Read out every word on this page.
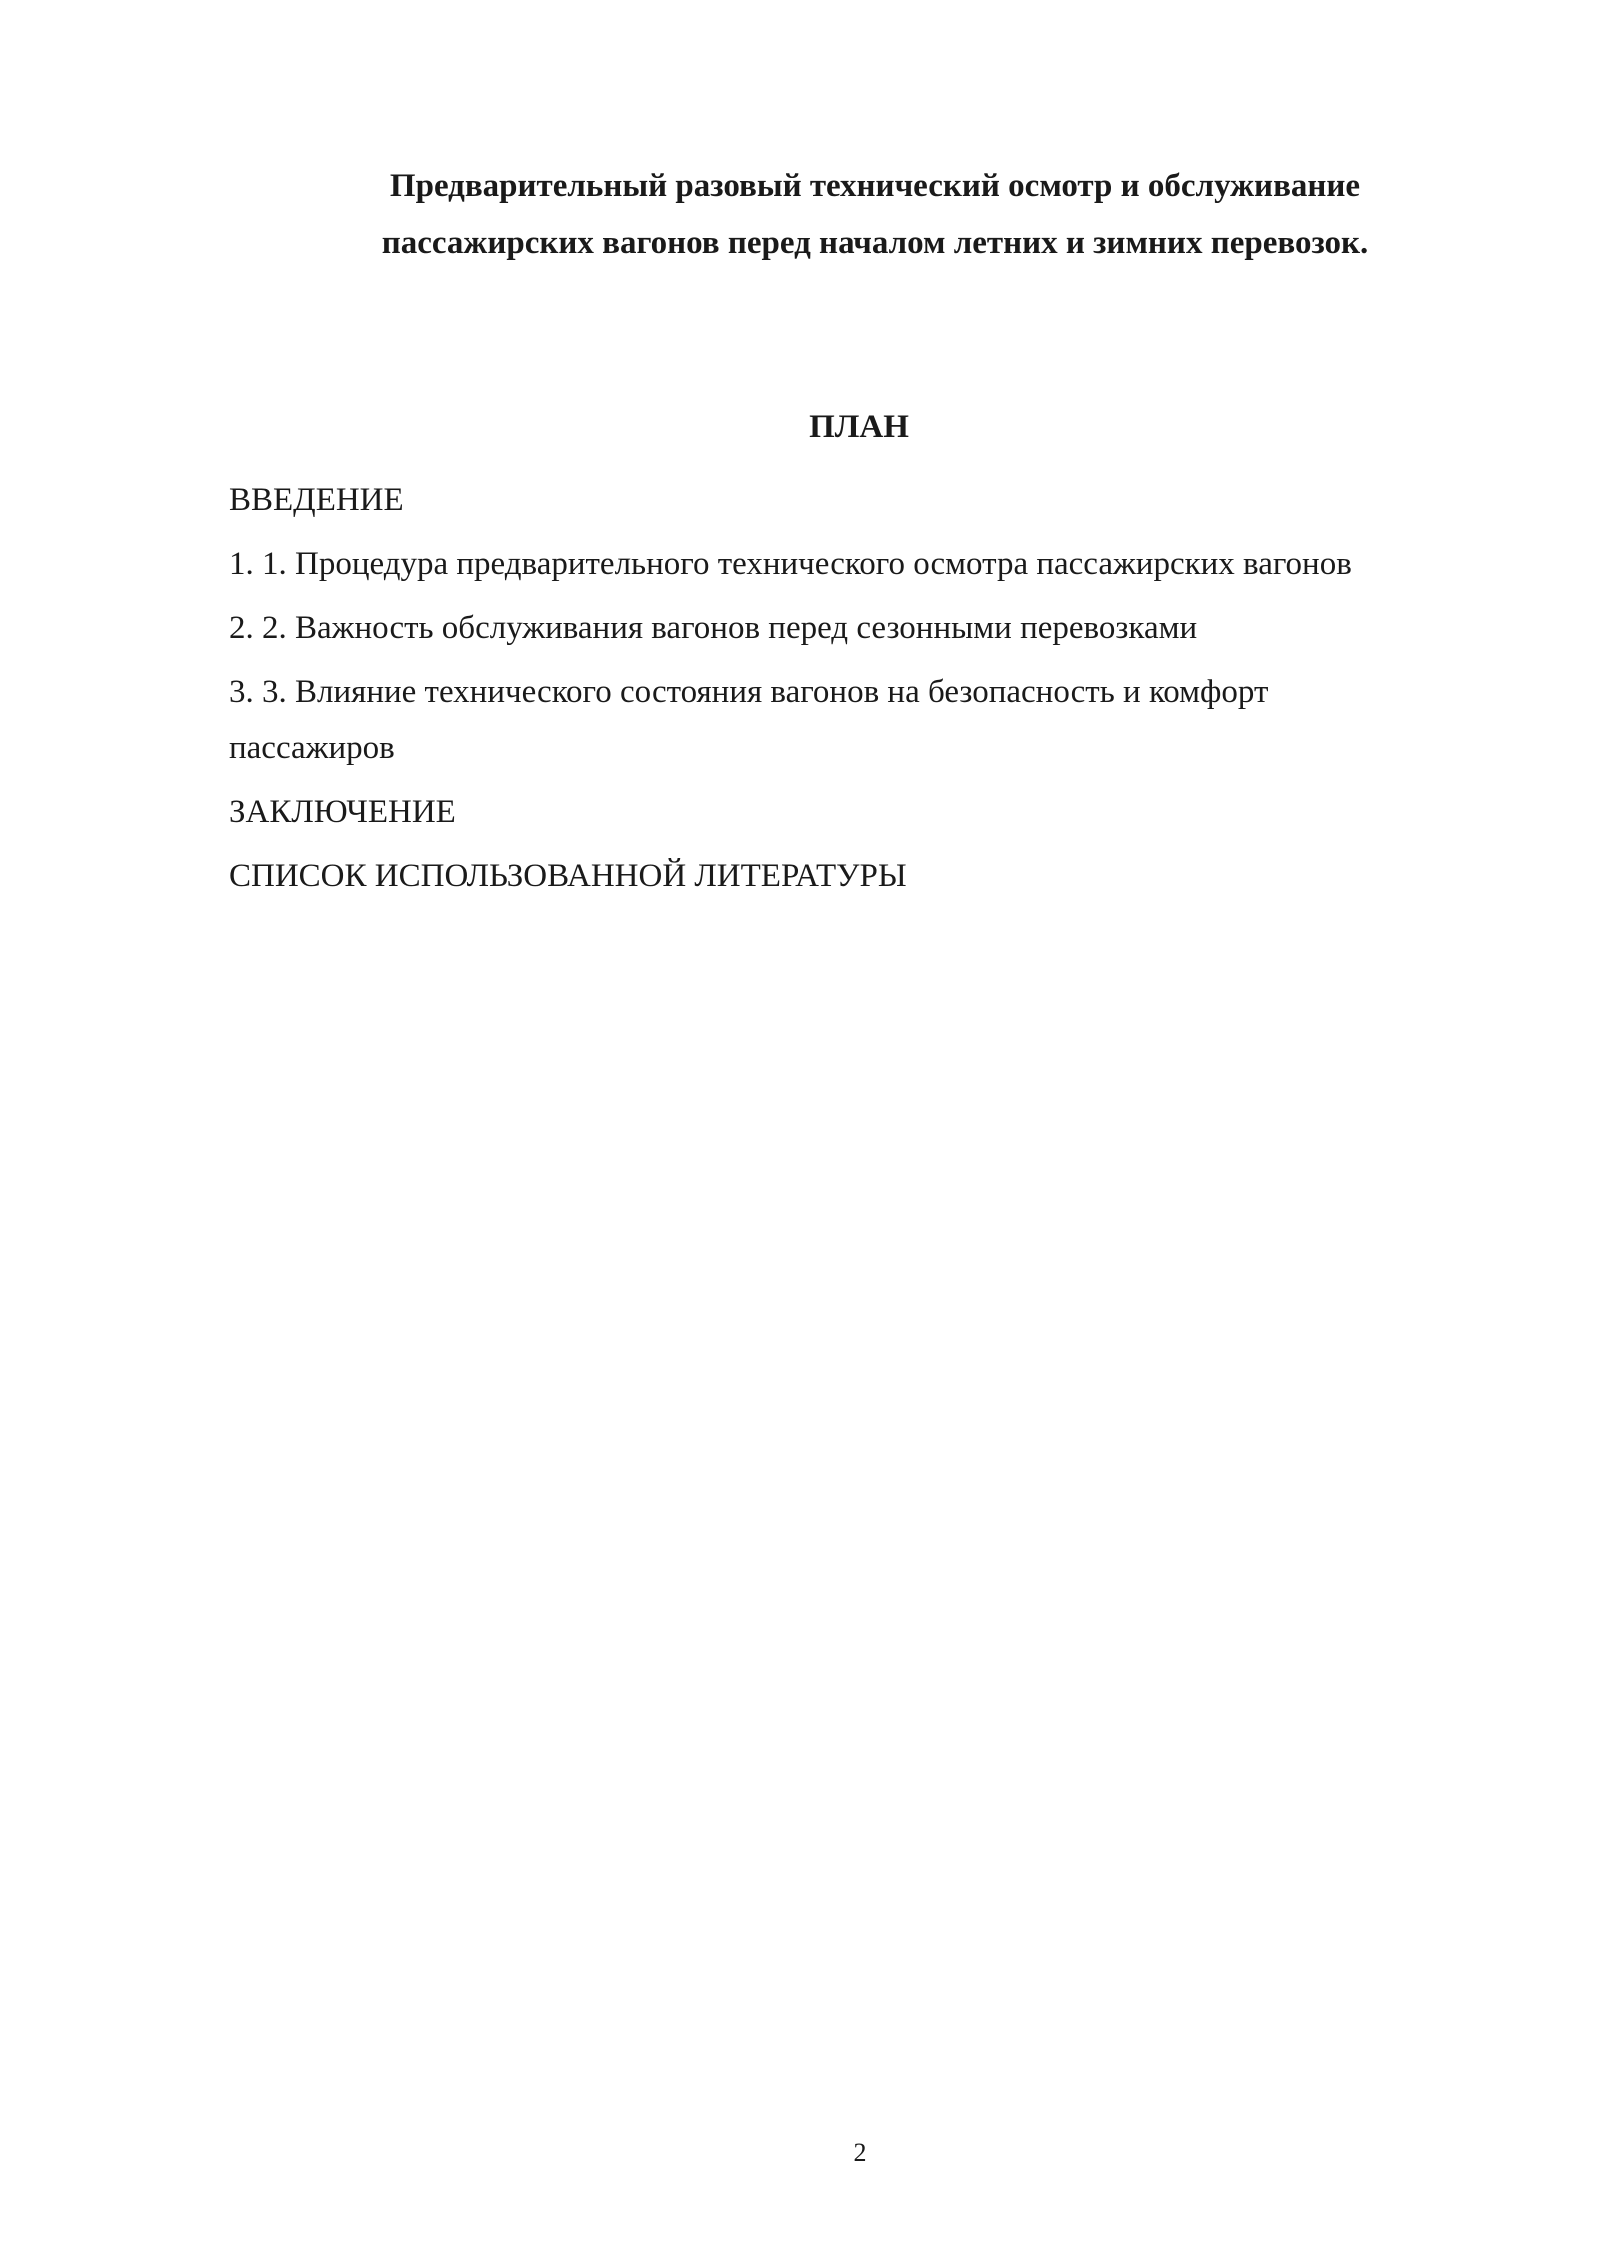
Предварительный разовый технический осмотр и обслуживание пассажирских вагонов перед началом летних и зимних перевозок.
ПЛАН
ВВЕДЕНИЕ
1. 1. Процедура предварительного технического осмотра пассажирских вагонов
2. 2. Важность обслуживания вагонов перед сезонными перевозками
3. 3. Влияние технического состояния вагонов на безопасность и комфорт пассажиров
ЗАКЛЮЧЕНИЕ
СПИСОК ИСПОЛЬЗОВАННОЙ ЛИТЕРАТУРЫ
2
